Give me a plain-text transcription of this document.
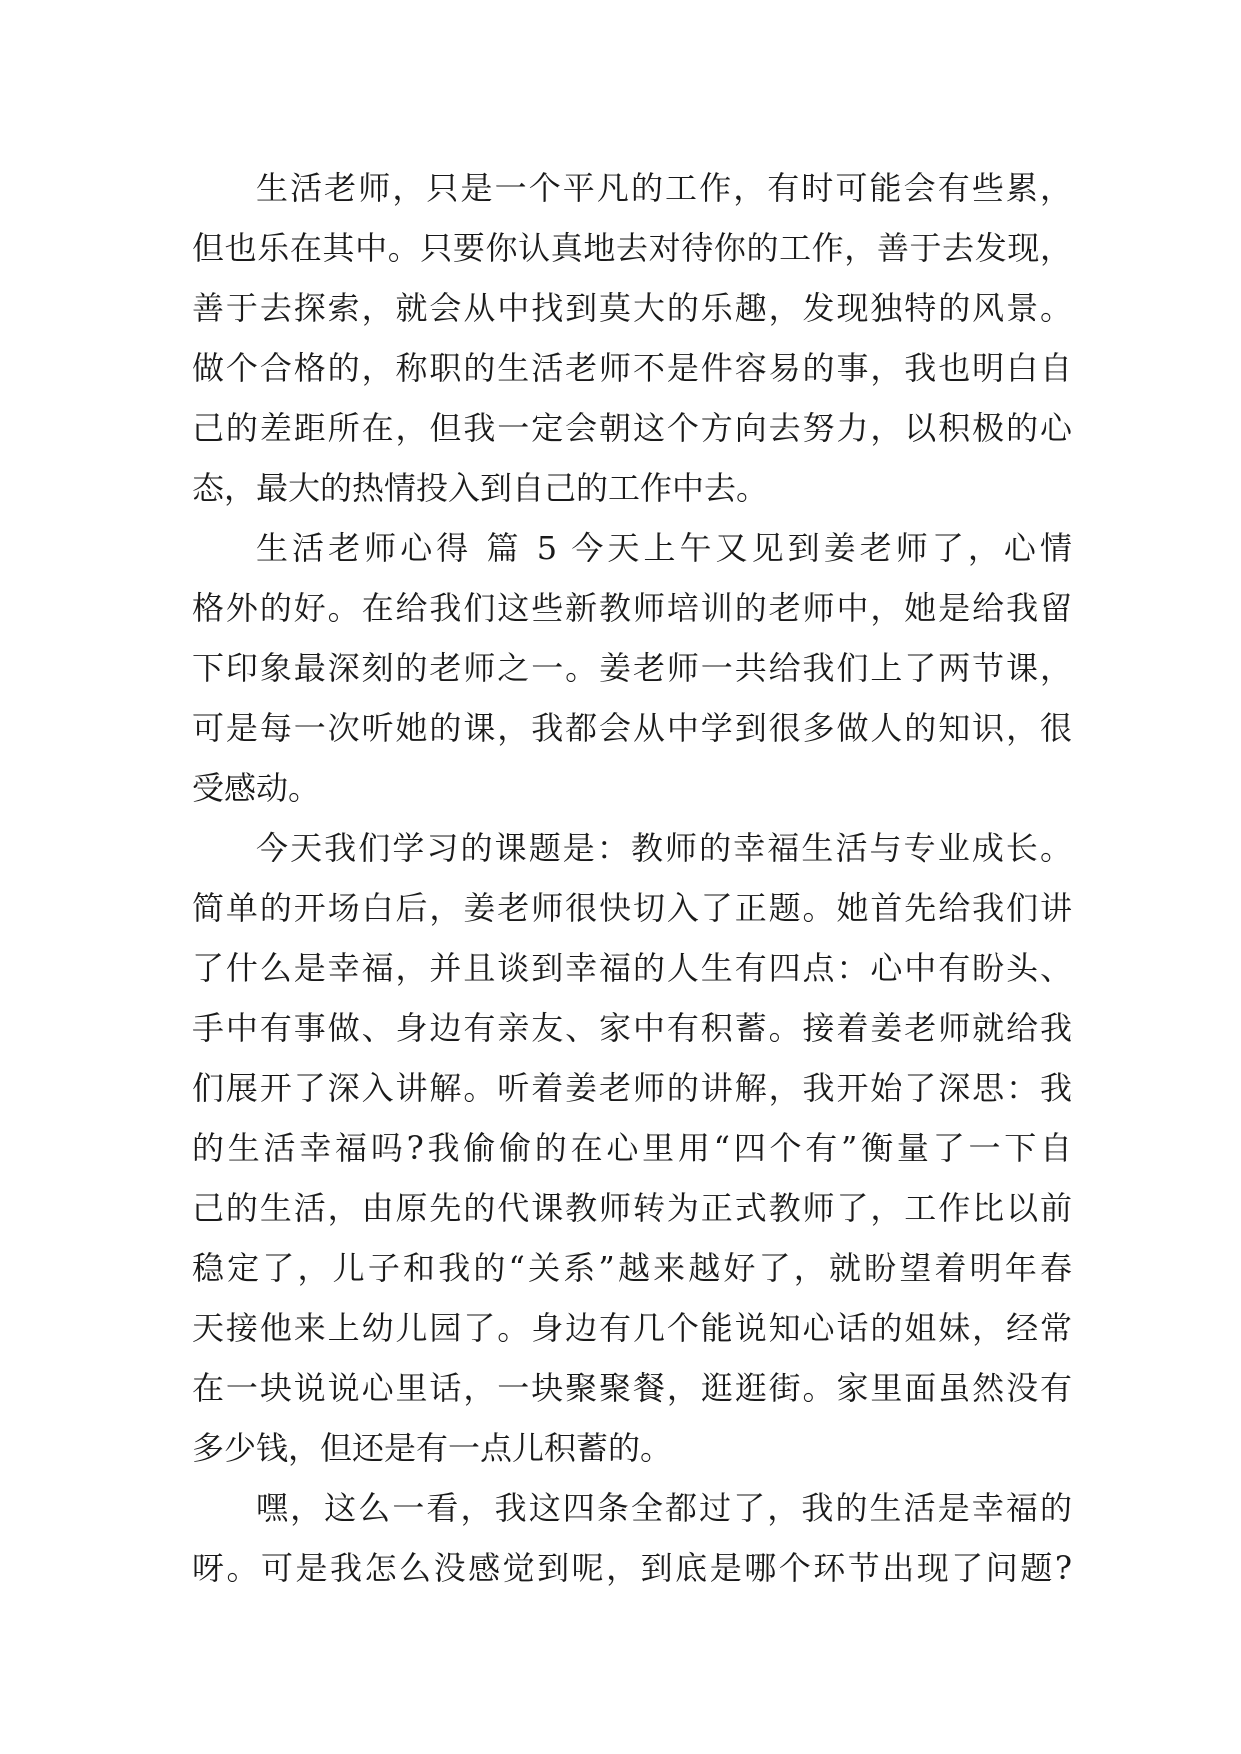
生活老师，只是一个平凡的工作，有时可能会有些累，
但也乐在其中。只要你认真地去对待你的工作，善于去发现，
善于去探索，就会从中找到莫大的乐趣，发现独特的风景。
做个合格的，称职的生活老师不是件容易的事，我也明白自
己的差距所在，但我一定会朝这个方向去努力，以积极的心
态，最大的热情投入到自己的工作中去。
生活老师心得 篇 5 今天上午又见到姜老师了，心情
格外的好。在给我们这些新教师培训的老师中，她是给我留
下印象最深刻的老师之一。姜老师一共给我们上了两节课，
可是每一次听她的课，我都会从中学到很多做人的知识，很
受感动。
今天我们学习的课题是：教师的幸福生活与专业成长。
简单的开场白后，姜老师很快切入了正题。她首先给我们讲
了什么是幸福，并且谈到幸福的人生有四点：心中有盼头、
手中有事做、身边有亲友、家中有积蓄。接着姜老师就给我
们展开了深入讲解。听着姜老师的讲解，我开始了深思：我
的生活幸福吗?我偷偷的在心里用“四个有”衡量了一下自
己的生活，由原先的代课教师转为正式教师了，工作比以前
稳定了，儿子和我的“关系”越来越好了，就盼望着明年春
天接他来上幼儿园了。身边有几个能说知心话的姐妹，经常
在一块说说心里话，一块聚聚餐，逛逛街。家里面虽然没有
多少钱，但还是有一点儿积蓄的。
嘿，这么一看，我这四条全都过了，我的生活是幸福的
呀。可是我怎么没感觉到呢，到底是哪个环节出现了问题?
